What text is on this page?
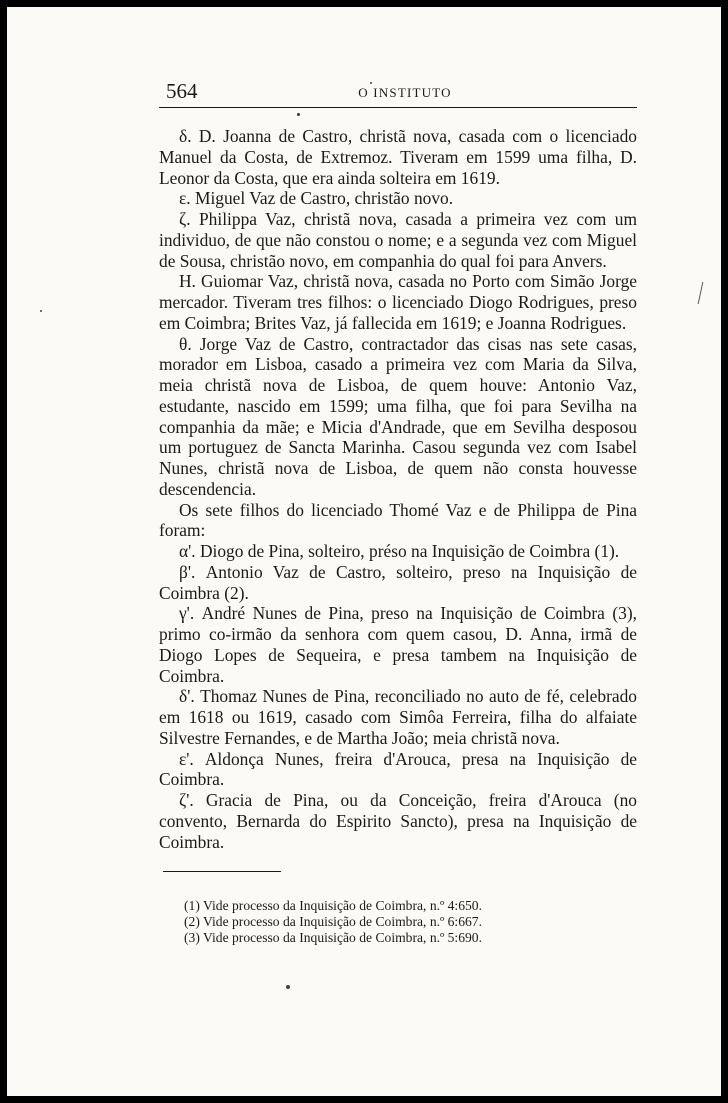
564	O INSTITUTO

δ. D. Joanna de Castro, christã nova, casada com o licenciado Manuel da Costa, de Extremoz. Tiveram em 1599 uma filha, D. Leonor da Costa, que era ainda solteira em 1619.

ε. Miguel Vaz de Castro, christão novo.

ζ. Philippa Vaz, christã nova, casada a primeira vez com um individuo, de que não constou o nome; e a segunda vez com Miguel de Sousa, christão novo, em companhia do qual foi para Anvers.

H. Guiomar Vaz, christã nova, casada no Porto com Simão Jorge mercador. Tiveram tres filhos: o licenciado Diogo Rodrigues, preso em Coimbra; Brites Vaz, já fallecida em 1619; e Joanna Rodrigues.

θ. Jorge Vaz de Castro, contractador das cisas nas sete casas, morador em Lisboa, casado a primeira vez com Maria da Silva, meia christã nova de Lisboa, de quem houve: Antonio Vaz, estudante, nascido em 1599; uma filha, que foi para Sevilha na companhia da mãe; e Micia d'Andrade, que em Sevilha desposou um portuguez de Sancta Marinha. Casou segunda vez com Isabel Nunes, christã nova de Lisboa, de quem não consta houvesse descendencia.

Os sete filhos do licenciado Thomé Vaz e de Philippa de Pina foram:

α'. Diogo de Pina, solteiro, préso na Inquisição de Coimbra (1).

β'. Antonio Vaz de Castro, solteiro, preso na Inquisição de Coimbra (2).

γ'. André Nunes de Pina, preso na Inquisição de Coimbra (3), primo co-irmão da senhora com quem casou, D. Anna, irmã de Diogo Lopes de Sequeira, e presa tambem na Inquisição de Coimbra.

δ'. Thomaz Nunes de Pina, reconciliado no auto de fé, celebrado em 1618 ou 1619, casado com Simôa Ferreira, filha do alfaiate Silvestre Fernandes, e de Martha João; meia christã nova.

ε'. Aldonça Nunes, freira d'Arouca, presa na Inquisição de Coimbra.

ζ'. Gracia de Pina, ou da Conceição, freira d'Arouca (no convento, Bernarda do Espirito Sancto), presa na Inquisição de Coimbra.

(1) Vide processo da Inquisição de Coimbra, n.º 4:650.
(2) Vide processo da Inquisição de Coimbra, n.º 6:667.
(3) Vide processo da Inquisição de Coimbra, n.º 5:690.
